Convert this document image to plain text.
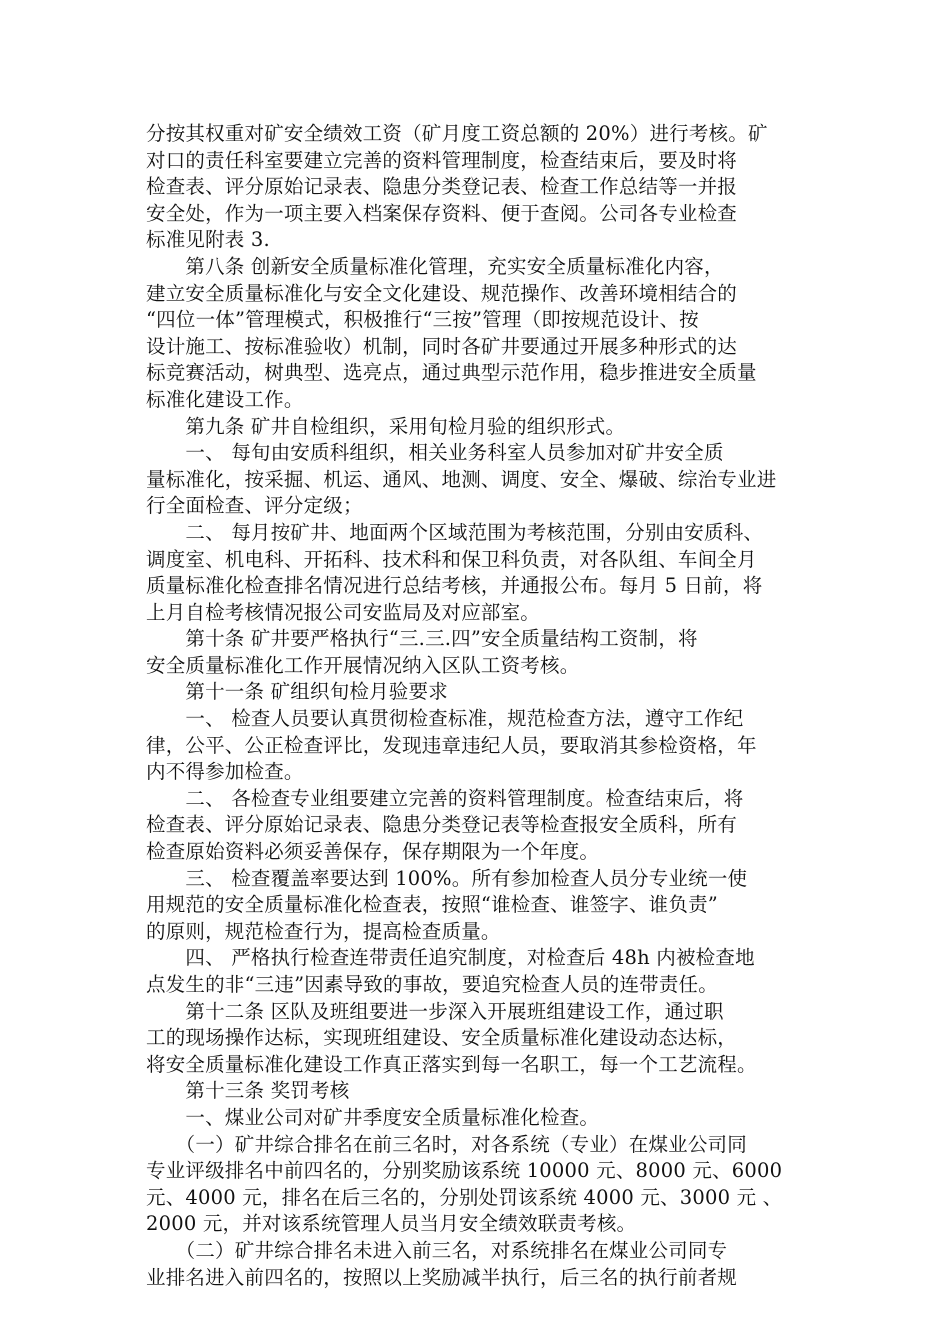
分按其权重对矿安全绩效工资（矿月度工资总额的 20%）进行考核。矿
对口的责任科室要建立完善的资料管理制度，检查结束后，要及时将
检查表、评分原始记录表、隐患分类登记表、检查工作总结等一并报
安全处，作为一项主要入档案保存资料、便于查阅。公司各专业检查
标准见附表 3.
　　第八条 创新安全质量标准化管理，充实安全质量标准化内容，
建立安全质量标准化与安全文化建设、规范操作、改善环境相结合的
“四位一体”管理模式，积极推行“三按”管理（即按规范设计、按
设计施工、按标准验收）机制，同时各矿井要通过开展多种形式的达
标竞赛活动，树典型、选亮点，通过典型示范作用，稳步推进安全质量
标准化建设工作。
　　第九条 矿井自检组织，采用旬检月验的组织形式。
　　一、 每旬由安质科组织，相关业务科室人员参加对矿井安全质
量标准化，按采掘、机运、通风、地测、调度、安全、爆破、综治专业进
行全面检查、评分定级；
　　二、 每月按矿井、地面两个区域范围为考核范围，分别由安质科、
调度室、机电科、开拓科、技术科和保卫科负责，对各队组、车间全月
质量标准化检查排名情况进行总结考核，并通报公布。每月 5 日前，将
上月自检考核情况报公司安监局及对应部室。
　　第十条 矿井要严格执行“三.三.四”安全质量结构工资制，将
安全质量标准化工作开展情况纳入区队工资考核。
　　第十一条 矿组织旬检月验要求
　　一、 检查人员要认真贯彻检查标准，规范检查方法，遵守工作纪
律，公平、公正检查评比，发现违章违纪人员，要取消其参检资格，年
内不得参加检查。
　　二、 各检查专业组要建立完善的资料管理制度。检查结束后，将
检查表、评分原始记录表、隐患分类登记表等检查报安全质科，所有
检查原始资料必须妥善保存，保存期限为一个年度。
　　三、 检查覆盖率要达到 100%。所有参加检查人员分专业统一使
用规范的安全质量标准化检查表，按照“谁检查、谁签字、谁负责”
的原则，规范检查行为，提高检查质量。
　　四、 严格执行检查连带责任追究制度，对检查后 48h 内被检查地
点发生的非“三违”因素导致的事故，要追究检查人员的连带责任。
　　第十二条 区队及班组要进一步深入开展班组建设工作，通过职
工的现场操作达标，实现班组建设、安全质量标准化建设动态达标，
将安全质量标准化建设工作真正落实到每一名职工，每一个工艺流程。
　　第十三条 奖罚考核
　　一、煤业公司对矿井季度安全质量标准化检查。
　　（一）矿井综合排名在前三名时，对各系统（专业）在煤业公司同
专业评级排名中前四名的，分别奖励该系统 10000 元、8000 元、6000
元、4000 元，排名在后三名的，分别处罚该系统 4000 元、3000 元 、
2000 元，并对该系统管理人员当月安全绩效联责考核。
　　（二）矿井综合排名未进入前三名，对系统排名在煤业公司同专
业排名进入前四名的，按照以上奖励减半执行，后三名的执行前者规
